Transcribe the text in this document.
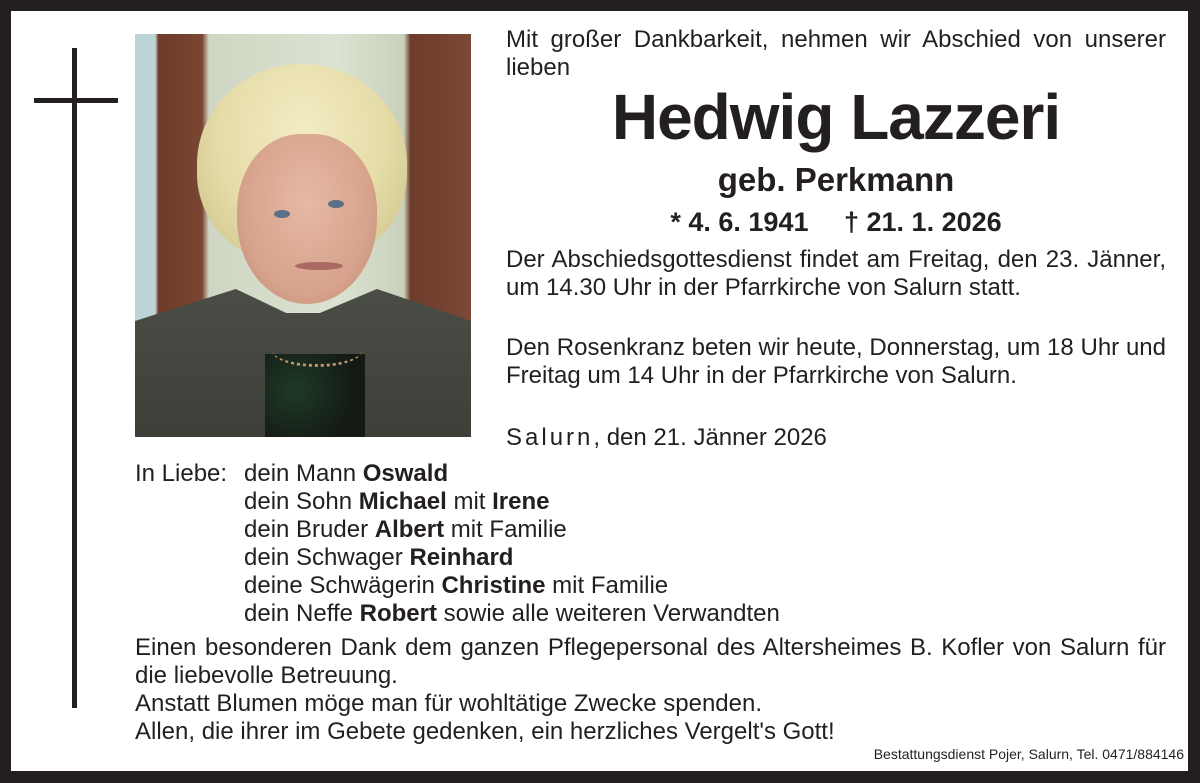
Mit großer Dankbarkeit, nehmen wir Abschied von unserer lieben
Hedwig Lazzeri
geb. Perkmann
* 4. 6. 1941 † 21. 1. 2026
Der Abschiedsgottesdienst findet am Freitag, den 23. Jänner, um 14.30 Uhr in der Pfarrkirche von Salurn statt.
Den Rosenkranz beten wir heute, Donnerstag, um 18 Uhr und Freitag um 14 Uhr in der Pfarrkirche von Salurn.
Salurn, den 21. Jänner 2026
In Liebe: dein Mann Oswald
dein Sohn Michael mit Irene
dein Bruder Albert mit Familie
dein Schwager Reinhard
deine Schwägerin Christine mit Familie
dein Neffe Robert sowie alle weiteren Verwandten
Einen besonderen Dank dem ganzen Pflegepersonal des Altersheimes B. Kofler von Salurn für die liebevolle Betreuung.
Anstatt Blumen möge man für wohltätige Zwecke spenden.
Allen, die ihrer im Gebete gedenken, ein herzliches Vergelt's Gott!
Bestattungsdienst Pojer, Salurn, Tel. 0471/884146
